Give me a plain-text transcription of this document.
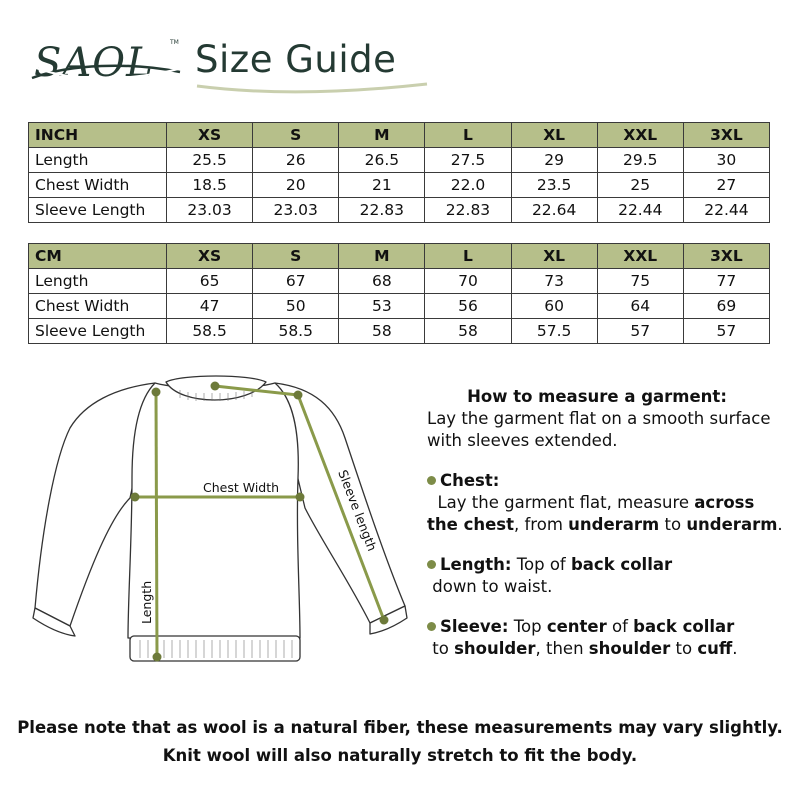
SAOL	TM Size Guide
INCH	XS	S	M	L	XL	XXL	3XL
Length	25.5	26	26.5	27.5	29	29.5	30
Chest Width	18.5	20	21	22.0	23.5	25	27
Sleeve Length	23.03	23.03	22.83	22.83	22.64	22.44	22.44
CM	XS	S	M	L	XL	XXL	3XL
Length	65	67	68	70	73	75	77
Chest Width	47	50	53	56	60	64	69
Sleeve Length	58.5	58.5	58	58	57.5	57	57
Chest Width	Sleeve length
Length

How to measure a garment:
Lay the garment flat on a smooth surface with sleeves extended.

Chest:  Lay the garment flat, measure across the chest, from underarm to underarm.

Length: Top of back collar down to waist.

Sleeve: Top center of back collar to shoulder, then shoulder to cuff.

Please note that as wool is a natural fiber, these measurements may vary slightly.
Knit wool will also naturally stretch to fit the body.
